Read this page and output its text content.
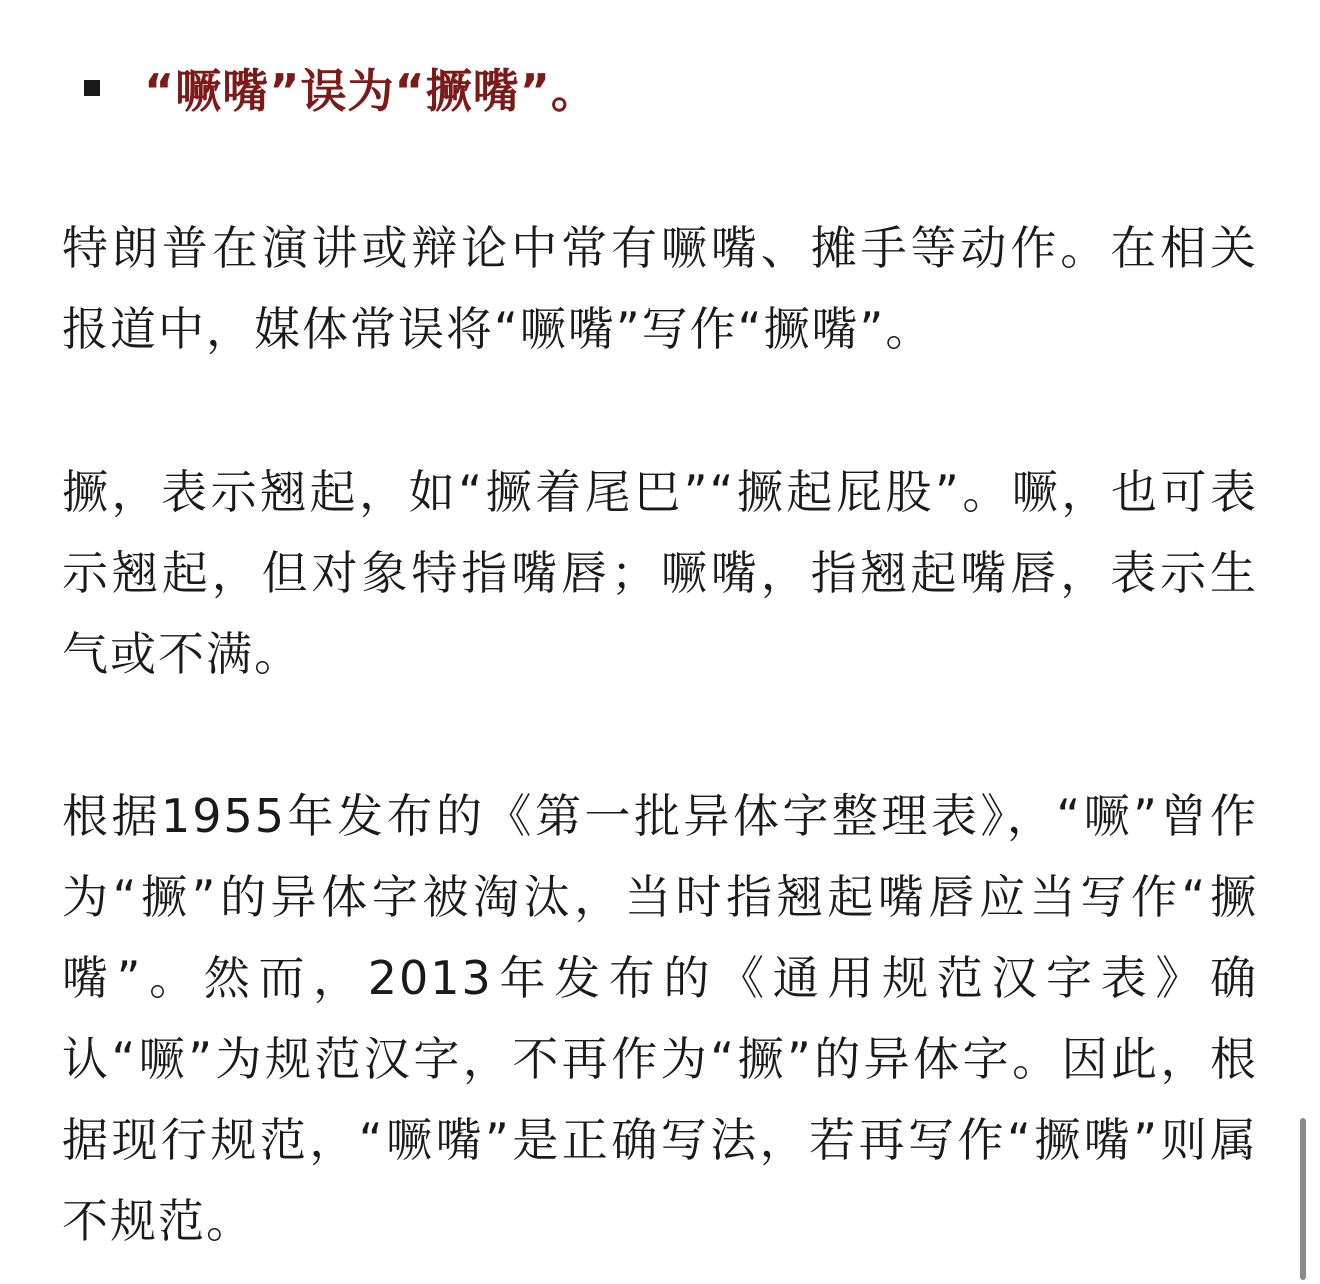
“噘嘴”误为“撅嘴”。

特朗普在演讲或辩论中常有噘嘴、摊手等动作。在相关报道中，媒体常误将“噘嘴”写作“撅嘴”。

撅，表示翘起，如“撅着尾巴”“撅起屁股”。噘，也可表示翘起，但对象特指嘴唇；噘嘴，指翘起嘴唇，表示生气或不满。

根据1955年发布的《第一批异体字整理表》，“噘”曾作为“撅”的异体字被淘汰，当时指翘起嘴唇应当写作“撅嘴”。然而，2013年发布的《通用规范汉字表》确认“噘”为规范汉字，不再作为“撅”的异体字。因此，根据现行规范，“噘嘴”是正确写法，若再写作“撅嘴”则属不规范。
